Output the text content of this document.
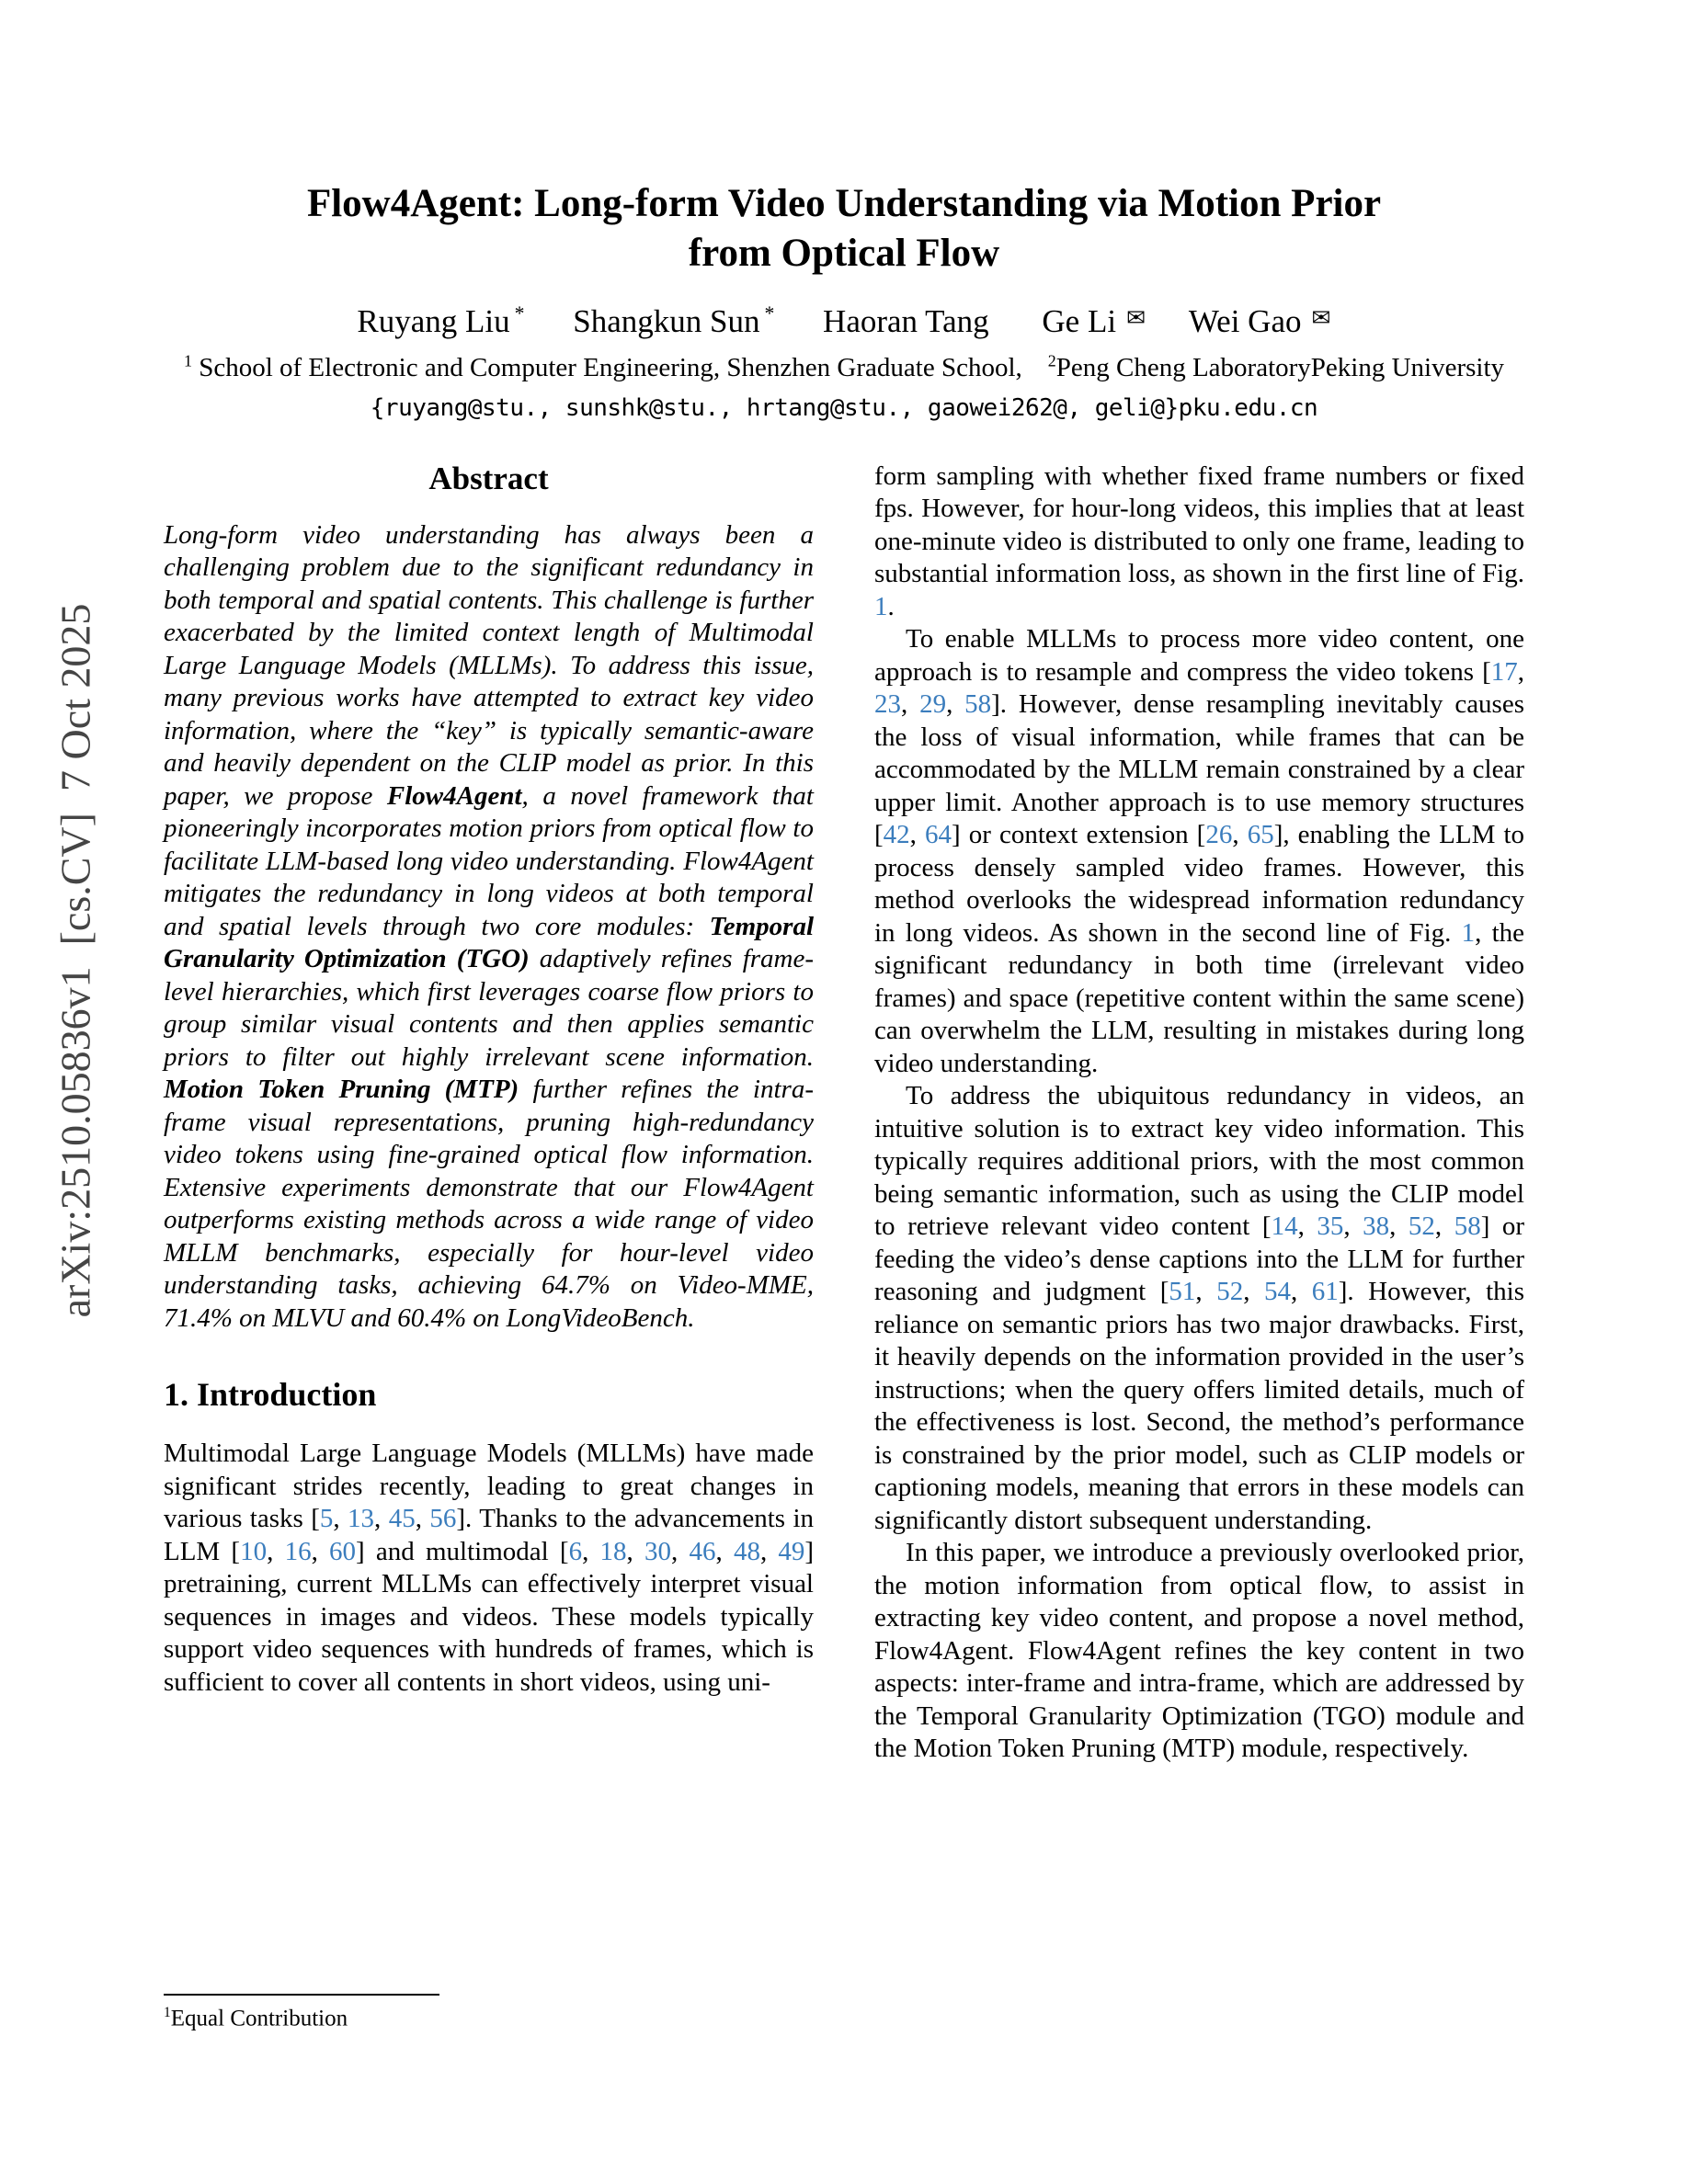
arXiv:2510.05836v1  [cs.CV]  7 Oct 2025
Flow4Agent: Long-form Video Understanding via Motion Prior
from Optical Flow
Ruyang Liu * Shangkun Sun * Haoran Tang Ge Li ✉ Wei Gao ✉
$^1$ School of Electronic and Computer Engineering, Shenzhen Graduate School, $^2$Peng Cheng LaboratoryPeking University
{ruyang@stu., sunshk@stu., hrtang@stu., gaowei262@, geli@}pku.edu.cn
Abstract

Long-form video understanding has always been a challenging problem due to the significant redundancy in both temporal and spatial contents. This challenge is further exacerbated by the limited context length of Multimodal Large Language Models (MLLMs). To address this issue, many previous works have attempted to extract key video information, where the “key” is typically semantic-aware and heavily dependent on the CLIP model as prior. In this paper, we propose Flow4Agent, a novel framework that pioneeringly incorporates motion priors from optical flow to facilitate LLM-based long video understanding. Flow4Agent mitigates the redundancy in long videos at both temporal and spatial levels through two core modules: Temporal Granularity Optimization (TGO) adaptively refines frame-level hierarchies, which first leverages coarse flow priors to group similar visual contents and then applies semantic priors to filter out highly irrelevant scene information. Motion Token Pruning (MTP) further refines the intra-frame visual representations, pruning high-redundancy video tokens using fine-grained optical flow information. Extensive experiments demonstrate that our Flow4Agent outperforms existing methods across a wide range of video MLLM benchmarks, especially for hour-level video understanding tasks, achieving 64.7% on Video-MME, 71.4% on MLVU and 60.4% on LongVideoBench.

1. Introduction

Multimodal Large Language Models (MLLMs) have made significant strides recently, leading to great changes in various tasks [5, 13, 45, 56]. Thanks to the advancements in LLM [10, 16, 60] and multimodal [6, 18, 30, 46, 48, 49] pretraining, current MLLMs can effectively interpret visual sequences in images and videos. These models typically support video sequences with hundreds of frames, which is sufficient to cover all contents in short videos, using uni-

$^1$Equal Contribution

form sampling with whether fixed frame numbers or fixed fps. However, for hour-long videos, this implies that at least one-minute video is distributed to only one frame, leading to substantial information loss, as shown in the first line of Fig. 1.

To enable MLLMs to process more video content, one approach is to resample and compress the video tokens [17, 23, 29, 58]. However, dense resampling inevitably causes the loss of visual information, while frames that can be accommodated by the MLLM remain constrained by a clear upper limit. Another approach is to use memory structures [42, 64] or context extension [26, 65], enabling the LLM to process densely sampled video frames. However, this method overlooks the widespread information redundancy in long videos. As shown in the second line of Fig. 1, the significant redundancy in both time (irrelevant video frames) and space (repetitive content within the same scene) can overwhelm the LLM, resulting in mistakes during long video understanding.

To address the ubiquitous redundancy in videos, an intuitive solution is to extract key video information. This typically requires additional priors, with the most common being semantic information, such as using the CLIP model to retrieve relevant video content [14, 35, 38, 52, 58] or feeding the video’s dense captions into the LLM for further reasoning and judgment [51, 52, 54, 61]. However, this reliance on semantic priors has two major drawbacks. First, it heavily depends on the information provided in the user’s instructions; when the query offers limited details, much of the effectiveness is lost. Second, the method’s performance is constrained by the prior model, such as CLIP models or captioning models, meaning that errors in these models can significantly distort subsequent understanding.

In this paper, we introduce a previously overlooked prior, the motion information from optical flow, to assist in extracting key video content, and propose a novel method, Flow4Agent. Flow4Agent refines the key content in two aspects: inter-frame and intra-frame, which are addressed by the Temporal Granularity Optimization (TGO) module and the Motion Token Pruning (MTP) module, respectively.
